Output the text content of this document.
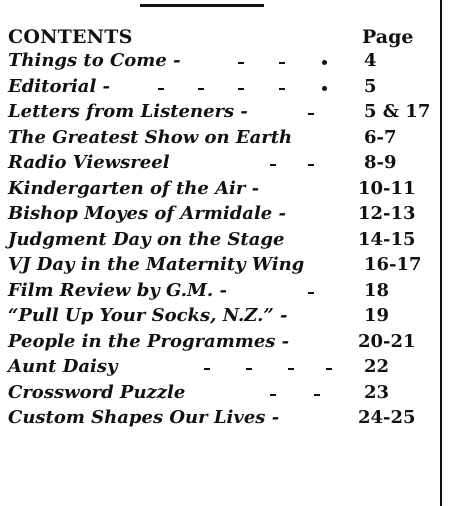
CONTENTS	Page
Things to Come -	4
Editorial -	5
Letters from Listeners -	5 & 17
The Greatest Show on Earth	6-7
Radio Viewsreel	8-9
Kindergarten of the Air -	10-11
Bishop Moyes of Armidale -	12-13
Judgment Day on the Stage	14-15
VJ Day in the Maternity Wing	16-17
Film Review by G.M. -	18
“Pull Up Your Socks, N.Z.” -	19
People in the Programmes -	20-21
Aunt Daisy	22
Crossword Puzzle	23
Custom Shapes Our Lives -	24-25
